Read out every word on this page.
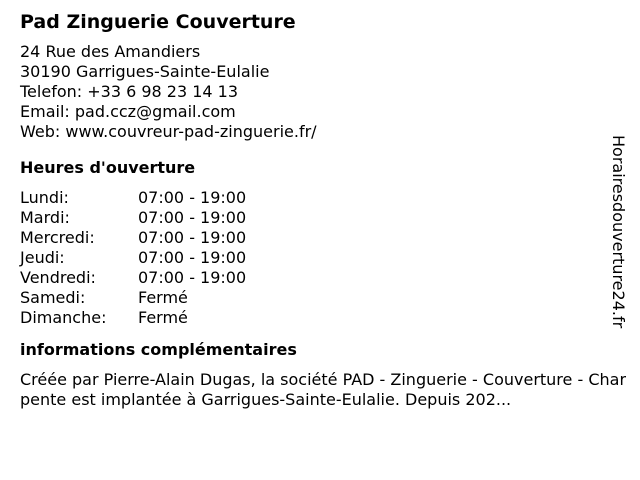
Pad Zinguerie Couverture
24 Rue des Amandiers
30190 Garrigues-Sainte-Eulalie
Telefon: +33 6 98 23 14 13
Email: pad.ccz@gmail.com
Web: www.couvreur-pad-zinguerie.fr/
Heures d'ouverture
Lundi:	07:00 - 19:00
Mardi:	07:00 - 19:00
Mercredi:	07:00 - 19:00
Jeudi:	07:00 - 19:00
Vendredi:	07:00 - 19:00
Samedi:	Fermé
Dimanche:	Fermé
informations complémentaires
Créée par Pierre-Alain Dugas, la société PAD - Zinguerie - Couverture - Charpente est implantée à Garrigues-Sainte-Eulalie. Depuis 202...
Horairesdouverture24.fr
